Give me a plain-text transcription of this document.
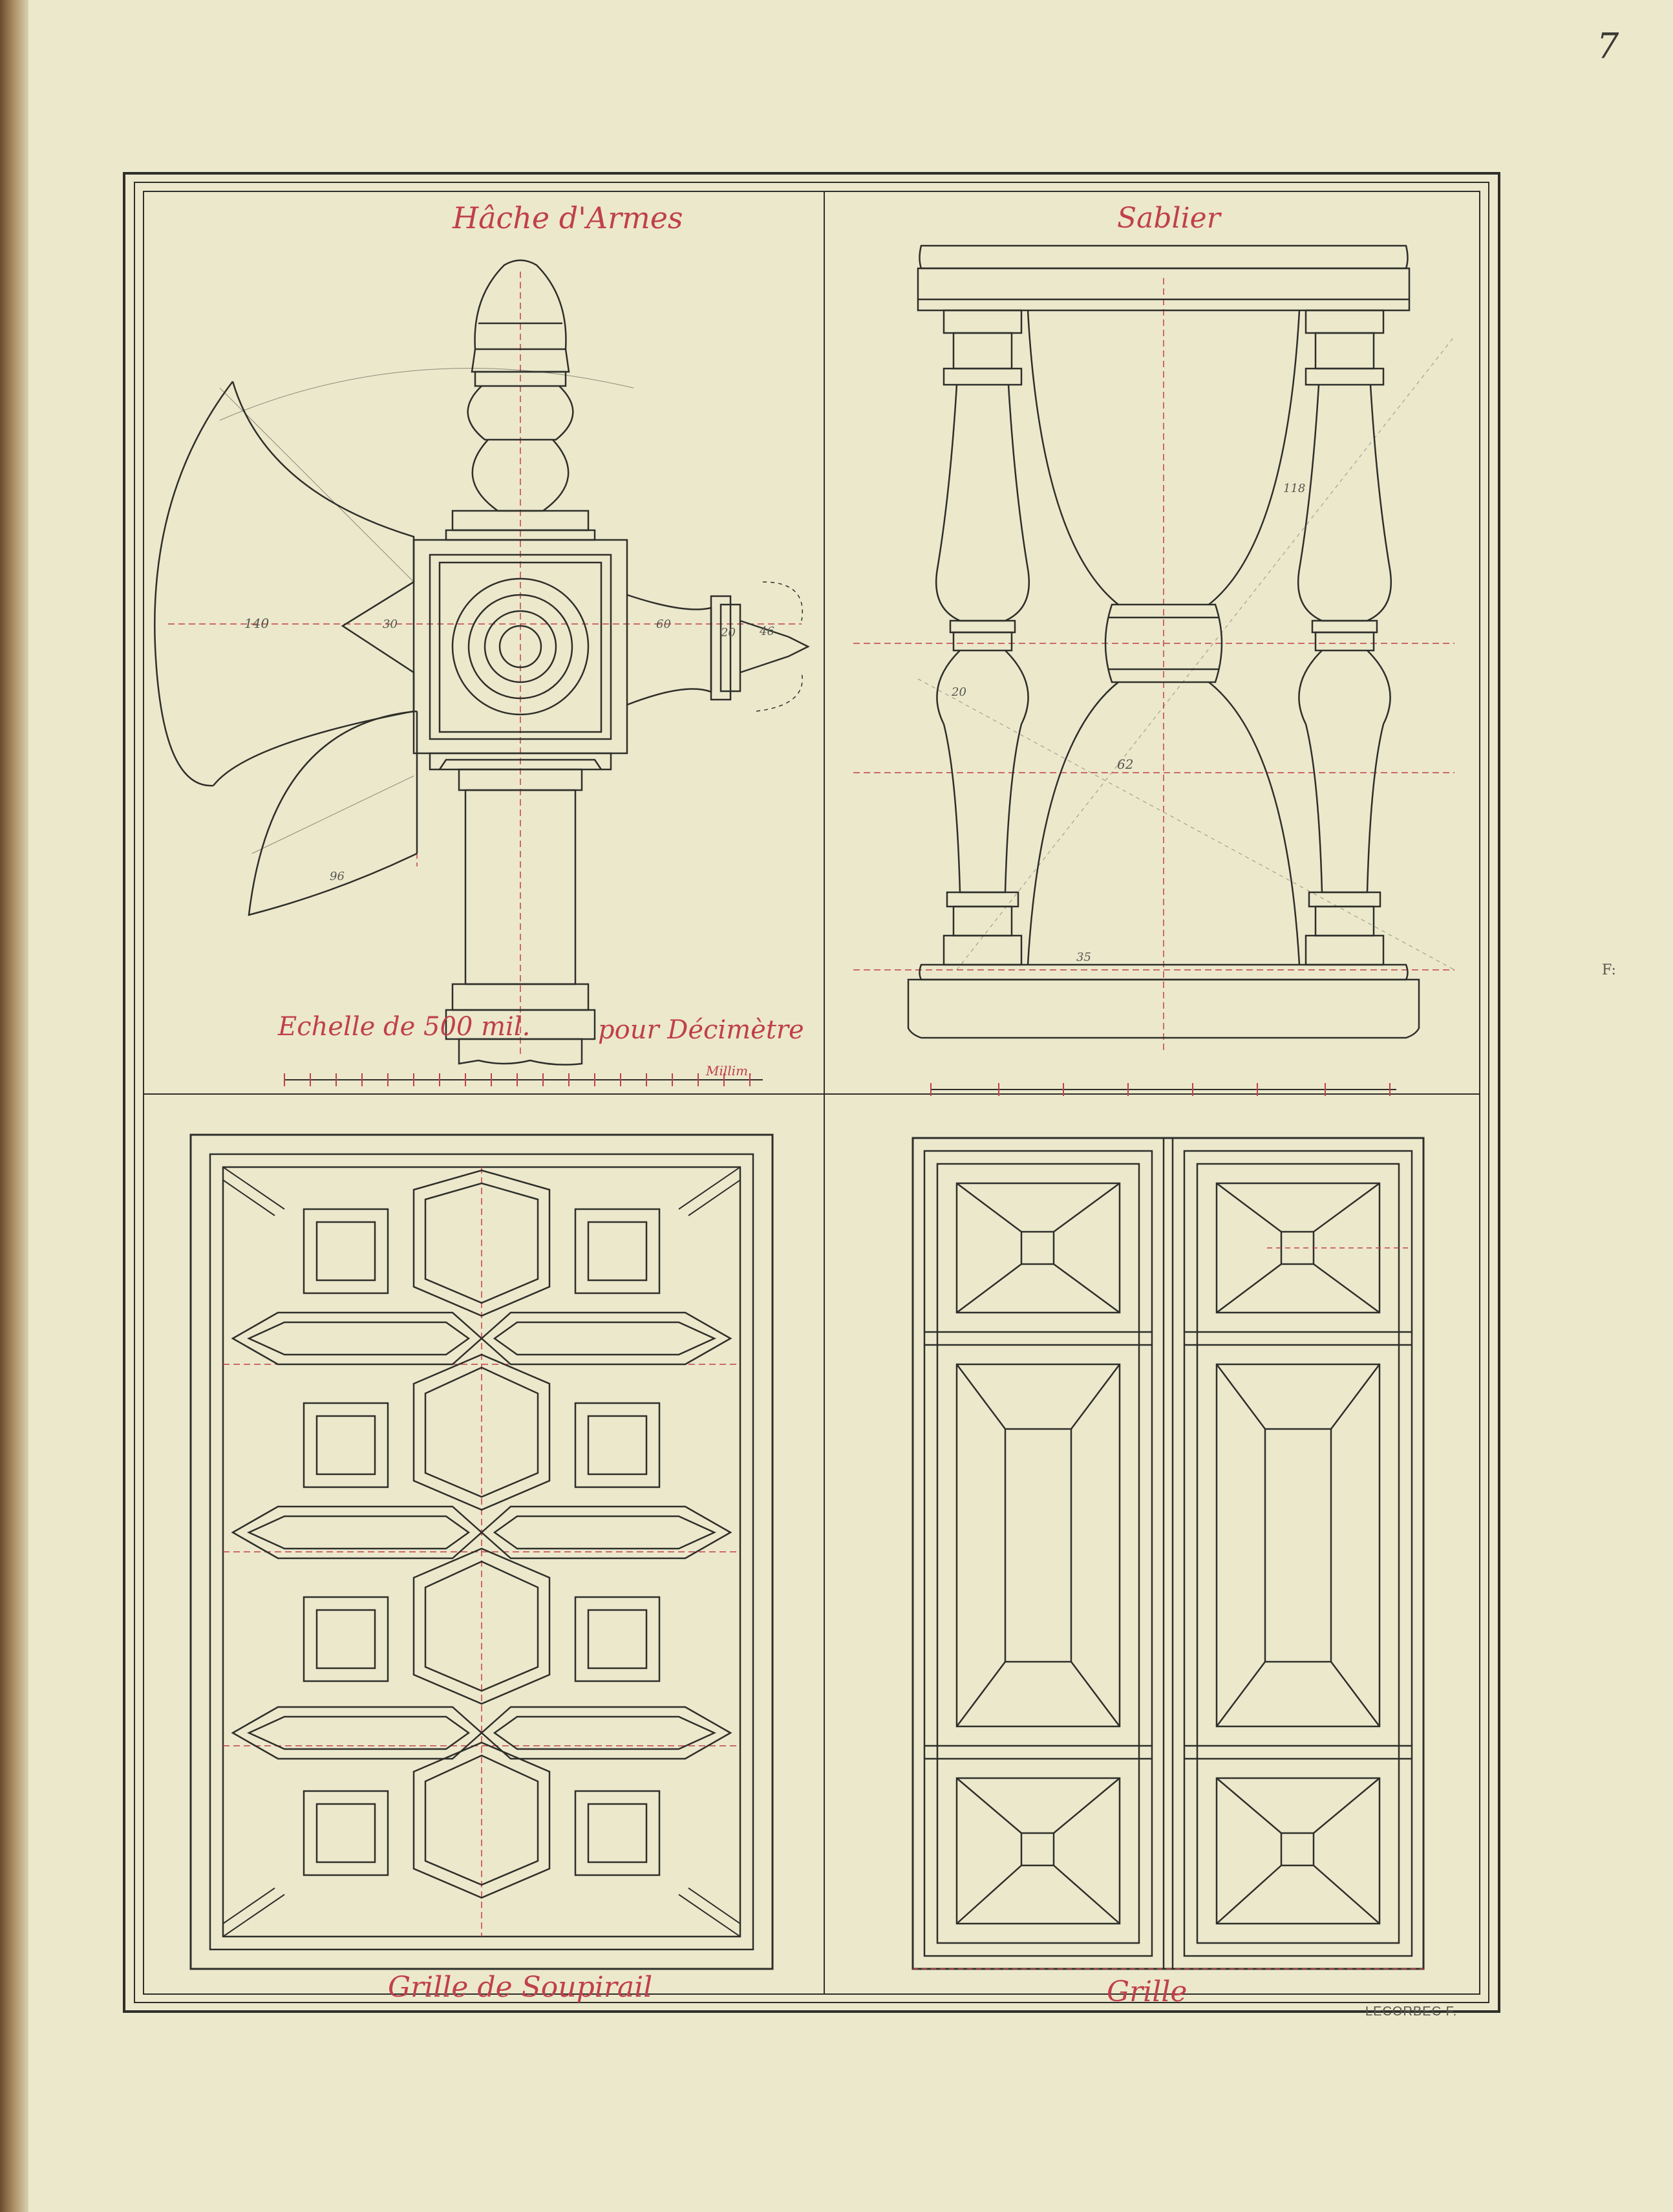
7
F:
Hâche d'Armes	Sablier
Echelle de 500 mil.	pour Décimètre
Millim.
Grille de Soupirail	Grille
140	30	60
46
20
96
62
20
118
35
LECORBEC F.
